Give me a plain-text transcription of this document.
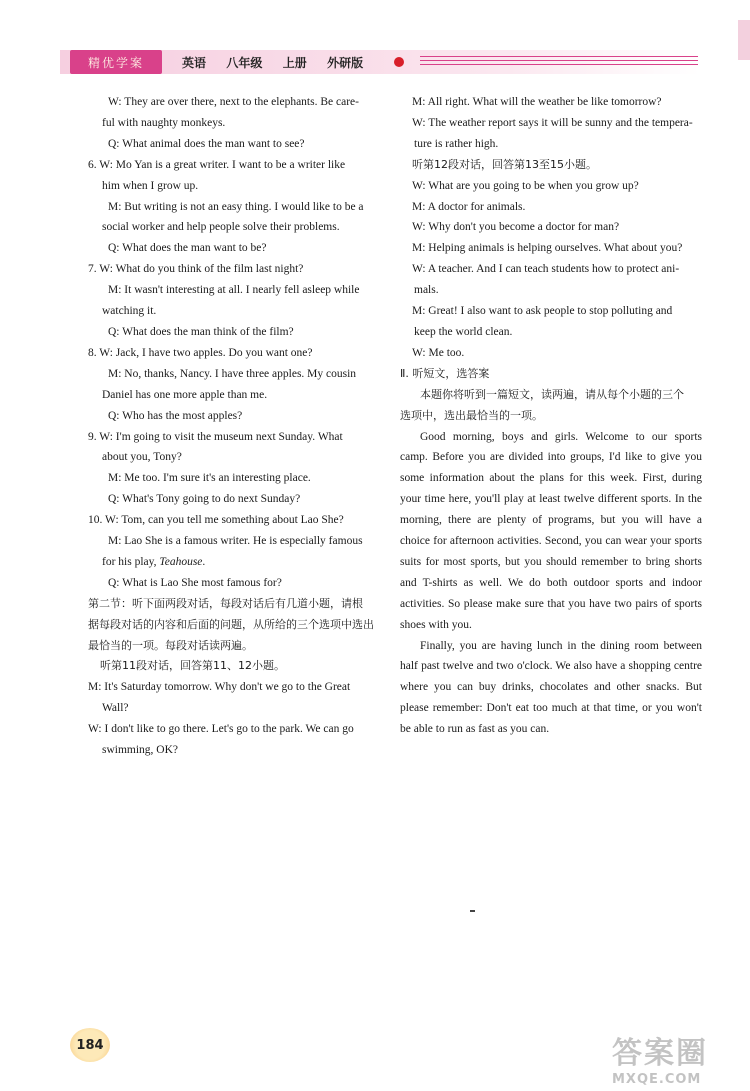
精优学案	英语  八年级  上册  外研版

W: They are over there, next to the elephants. Be care-

ful with naughty monkeys.

Q: What animal does the man want to see?

6. W: Mo Yan is a great writer. I want to be a writer like

him when I grow up.

M: But writing is not an easy thing. I would like to be a

social worker and help people solve their problems.

Q: What does the man want to be?

7. W: What do you think of the film last night?

M: It wasn't interesting at all. I nearly fell asleep while

watching it.

Q: What does the man think of the film?

8. W: Jack, I have two apples. Do you want one?

M: No, thanks, Nancy. I have three apples. My cousin

Daniel has one more apple than me.

Q: Who has the most apples?

9. W: I'm going to visit the museum next Sunday. What

about you, Tony?

M: Me too. I'm sure it's an interesting place.

Q: What's Tony going to do next Sunday?

10. W: Tom, can you tell me something about Lao She?

M: Lao She is a famous writer. He is especially famous

for his play, Teahouse.

Q: What is Lao She most famous for?

第二节：听下面两段对话，每段对话后有几道小题，请根

据每段对话的内容和后面的问题，从所给的三个选项中选出

最恰当的一项。每段对话读两遍。

听第11段对话，回答第11、12小题。

M: It's Saturday tomorrow. Why don't we go to the Great

Wall?

W: I don't like to go there. Let's go to the park. We can go

swimming, OK?

M: All right. What will the weather be like tomorrow?

W: The weather report says it will be sunny and the tempera-

ture is rather high.

听第12段对话，回答第13至15小题。

W: What are you going to be when you grow up?

M: A doctor for animals.

W: Why don't you become a doctor for man?

M: Helping animals is helping ourselves. What about you?

W: A teacher. And I can teach students how to protect ani-

mals.

M: Great! I also want to ask people to stop polluting and

keep the world clean.

W: Me too.

Ⅱ. 听短文，选答案

本题你将听到一篇短文，读两遍，请从每个小题的三个

选项中，选出最恰当的一项。

Good morning, boys and girls. Welcome to our sports

camp. Before you are divided into groups, I'd like to give you

some information about the plans for this week. First, during

your time here, you'll play at least twelve different sports. In the

morning, there are plenty of programs, but you will have a

choice for afternoon activities. Second, you can wear your sports

suits for most sports, but you should remember to bring shorts

and T-shirts as well. We do both outdoor sports and indoor

activities. So please make sure that you have two pairs of sports

shoes with you.

Finally, you are having lunch in the dining room between

half past twelve and two o'clock. We also have a shopping centre

where you can buy drinks, chocolates and other snacks. But

please remember: Don't eat too much at that time, or you won't

be able to run as fast as you can.

184	答案圈
MXQE.COM
